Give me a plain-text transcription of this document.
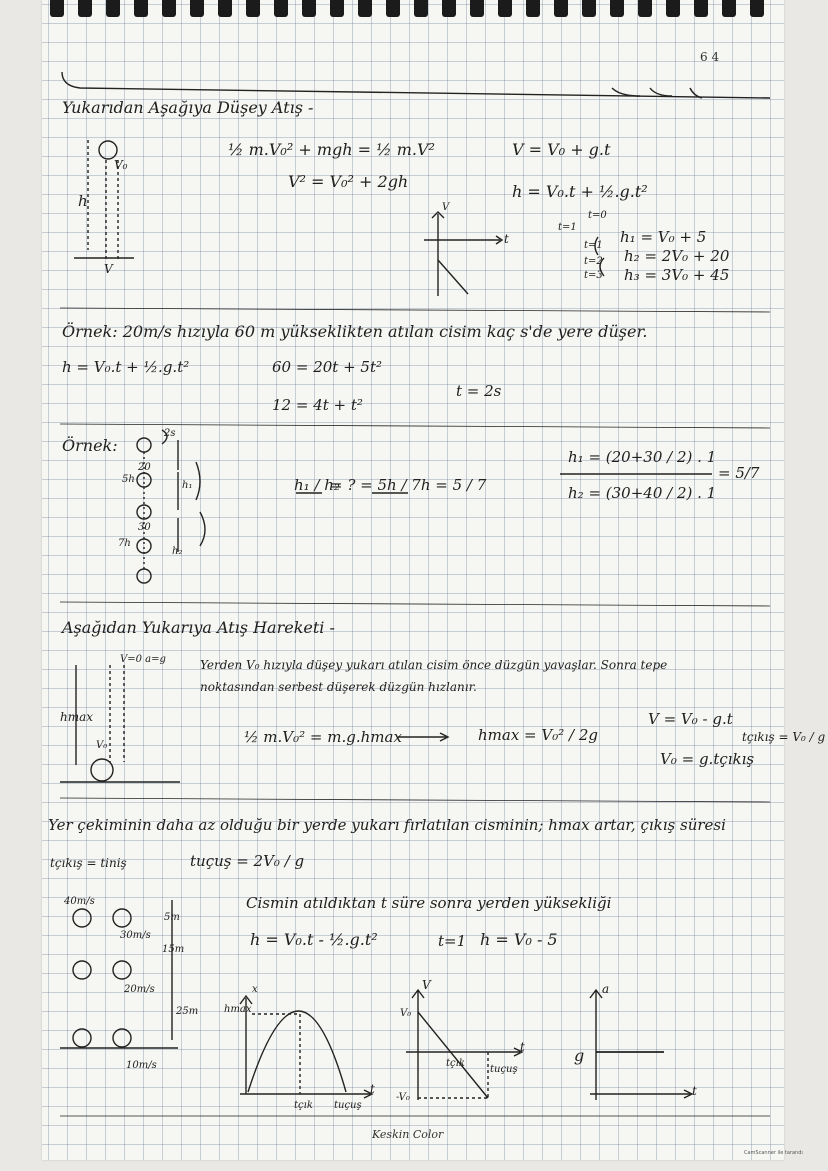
6 4
Yukarıdan Aşağıya Düşey Atış -
V₀
h
V
½ m.V₀² + mgh = ½ m.V²
V² = V₀² + 2gh
V = V₀ + g.t
h = V₀.t + ½.g.t²
V
t
t=1
t=0
t=1
t=2
t=3
h₁ = V₀ + 5
h₂ = 2V₀ + 20
h₃ = 3V₀ + 45
Örnek: 20m/s hızıyla 60 m yükseklikten atılan cisim kaç s'de yere düşer.
h = V₀.t + ½.g.t²	60 = 20t + 5t²
12 = 4t + t²
t = 2s
Örnek:
2s
20
30
5h
7h
h₁
h₂
h₁ / h₂
= ? = 5h / 7h = 5 / 7
h₁ = (20+30 / 2) . 1
h₂ = (30+40 / 2) . 1
= 5/7
Aşağıdan Yukarıya Atış Hareketi -
V=0 a=g	Yerden V₀ hızıyla düşey yukarı atılan cisim önce düzgün yavaşlar. Sonra tepe
noktasından serbest düşerek düzgün hızlanır.
hmax
V₀	½ m.V₀² = m.g.hmax	hmax = V₀² / 2g
V = V₀ - g.t
V₀ = g.tçıkış
tçıkış = V₀ / g
Yer çekiminin daha az olduğu bir yerde yukarı fırlatılan cisminin; hmax artar, çıkış süresi
tçıkış = tiniş	tuçuş = 2V₀ / g
Cismin atıldıktan t süre sonra yerden yüksekliği
h = V₀.t - ½.g.t²	t=1 h = V₀ - 5
40m/s
30m/s
20m/s
10m/s
5m
15m
25m
x
hmax
t
tçık tuçuş
V
V₀
-V₀
t
tçık
tuçuş
a
g
t
Keskin Color
CamScanner ile tarandı
